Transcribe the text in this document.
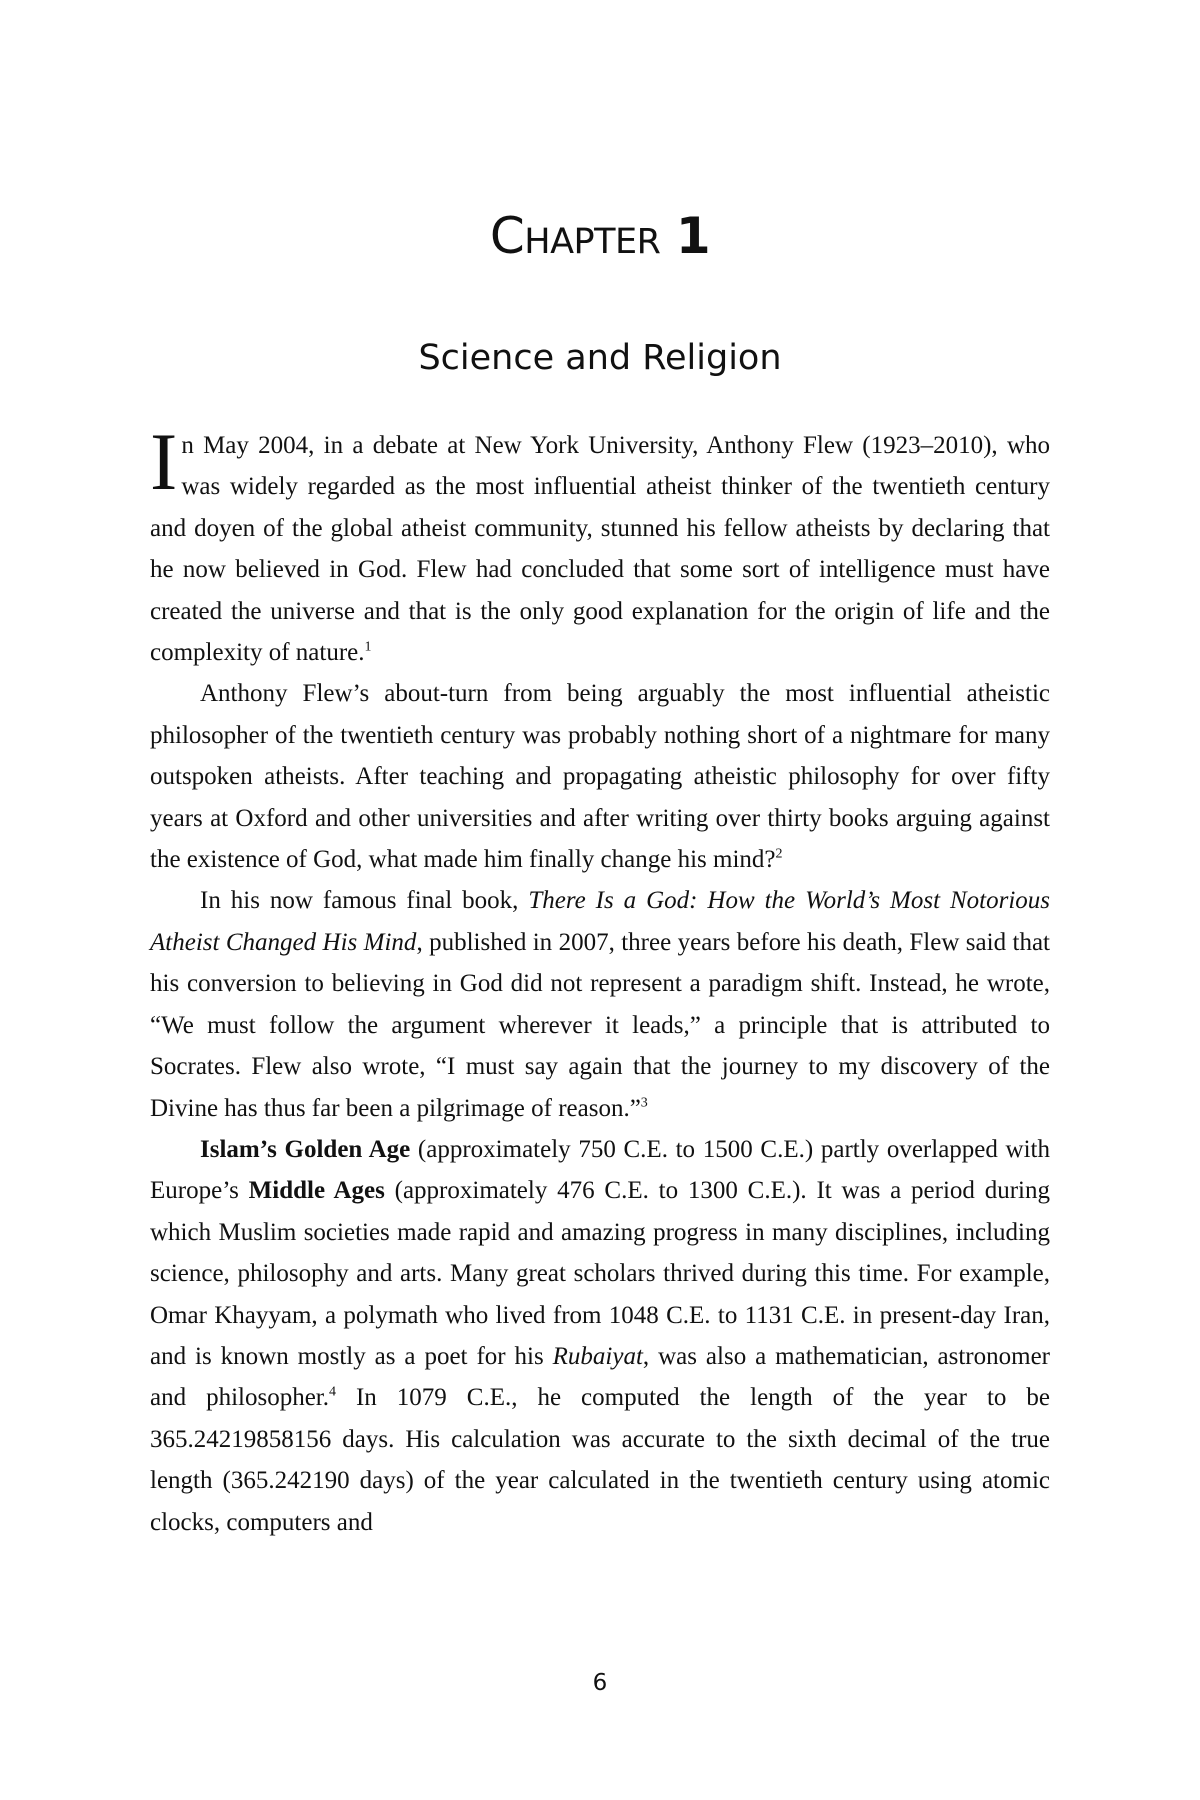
Chapter 1
Science and Religion

In May 2004, in a debate at New York University, Anthony Flew (1923–2010), who was widely regarded as the most influential atheist thinker of the twentieth century and doyen of the global atheist community, stunned his fellow atheists by declaring that he now believed in God. Flew had concluded that some sort of intelligence must have created the universe and that is the only good explanation for the origin of life and the complexity of nature.$^1$

Anthony Flew’s about-turn from being arguably the most influential atheistic philosopher of the twentieth century was probably nothing short of a nightmare for many outspoken atheists. After teaching and propagating atheistic philosophy for over fifty years at Oxford and other universities and after writing over thirty books arguing against the existence of God, what made him finally change his mind?$^2$

In his now famous final book, There Is a God: How the World’s Most Notorious Atheist Changed His Mind, published in 2007, three years before his death, Flew said that his conversion to believing in God did not represent a paradigm shift. Instead, he wrote, “We must follow the argument wherever it leads,” a principle that is attributed to Socrates. Flew also wrote, “I must say again that the journey to my discovery of the Divine has thus far been a pilgrimage of reason.”$^3$

Islam’s Golden Age (approximately 750 C.E. to 1500 C.E.) partly overlapped with Europe’s Middle Ages (approximately 476 C.E. to 1300 C.E.). It was a period during which Muslim societies made rapid and amazing progress in many disciplines, including science, philosophy and arts. Many great scholars thrived during this time. For example, Omar Khayyam, a polymath who lived from 1048 C.E. to 1131 C.E. in present-day Iran, and is known mostly as a poet for his Rubaiyat, was also a mathematician, astronomer and philosopher.$^4$ In 1079 C.E., he computed the length of the year to be 365.24219858156 days. His calculation was accurate to the sixth decimal of the true length (365.242190 days) of the year calculated in the twentieth century using atomic clocks, computers and

6
